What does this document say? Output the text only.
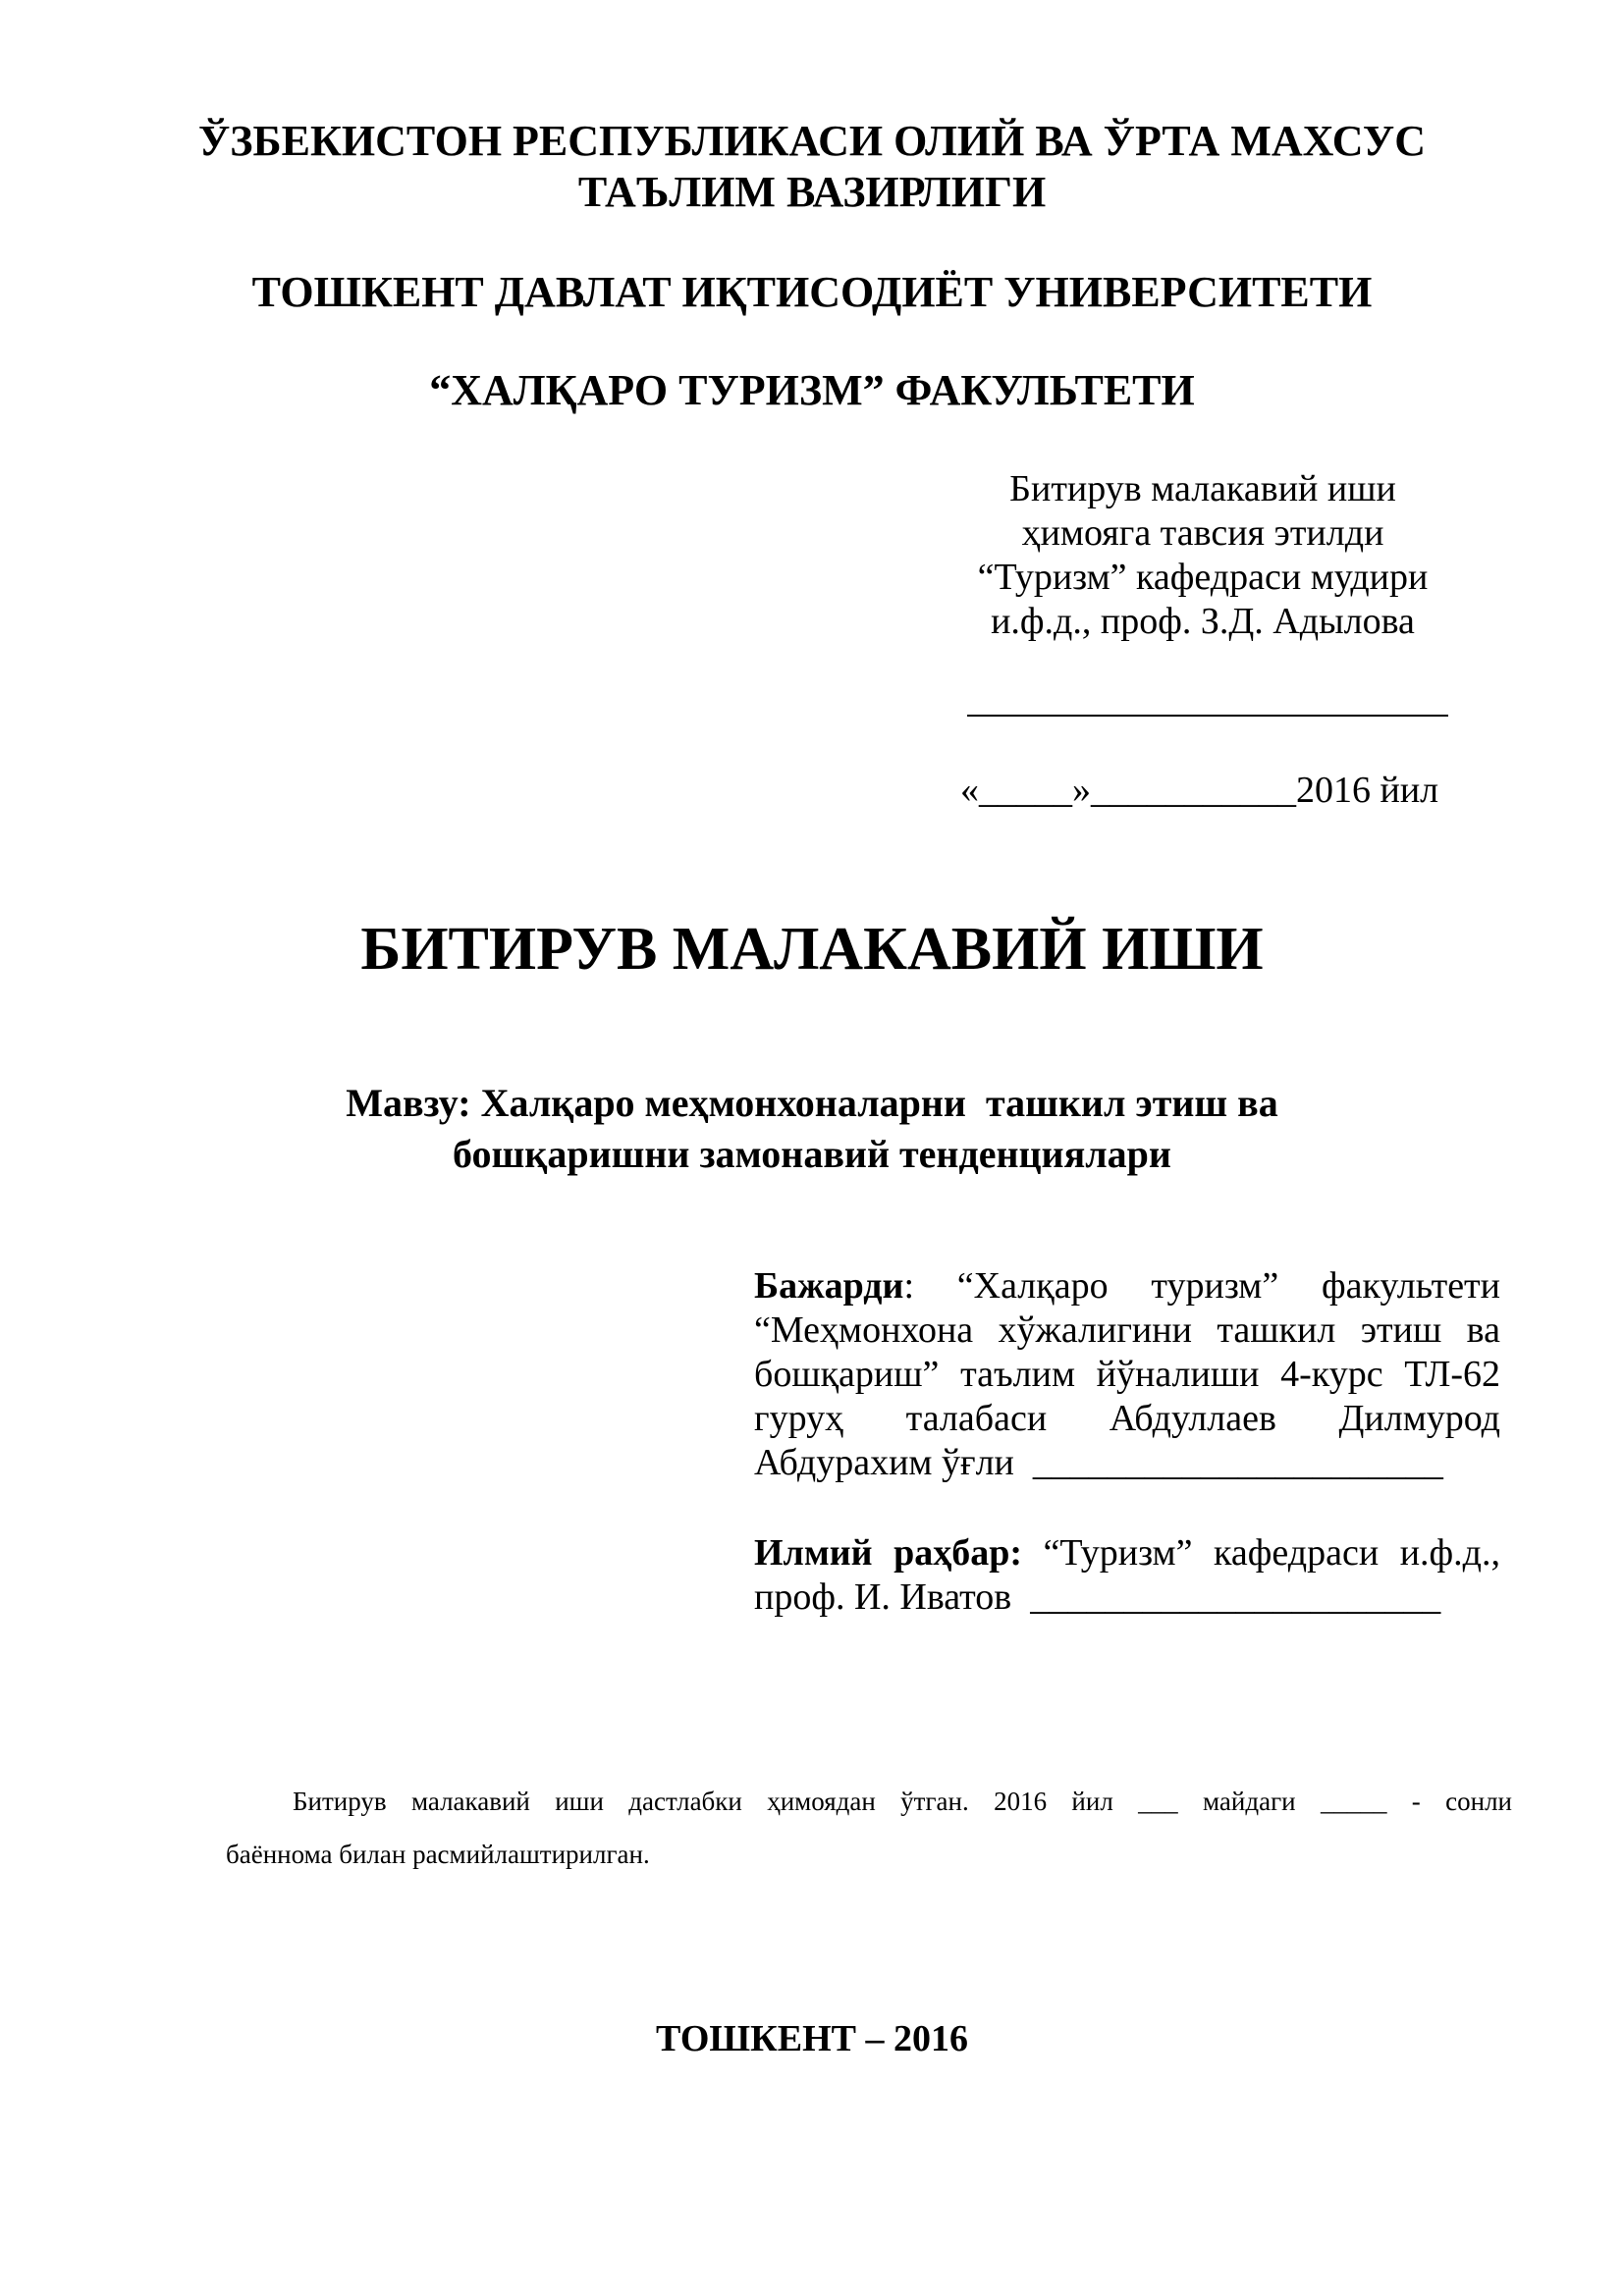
ЎЗБЕКИСТОН РЕСПУБЛИКАСИ ОЛИЙ ВА ЎРТА МАХСУС
ТАЪЛИМ ВАЗИРЛИГИ
ТОШКЕНТ ДАВЛАТ ИҚТИСОДИЁТ УНИВЕРСИТЕТИ
“ХАЛҚАРО ТУРИЗМ” ФАКУЛЬТЕТИ
Битирув малакавий иши
ҳимояга тавсия этилди
“Туризм” кафедраси мудири
и.ф.д., проф. З.Д. Адылова
«_____»___________2016 йил
БИТИРУВ МАЛАКАВИЙ ИШИ
Мавзу: Халқаро меҳмонхоналарни  ташкил этиш ва
бошқаришни замонавий тенденциялари
Бажарди: “Халқаро туризм” факультети
“Меҳмонхона хўжалигини ташкил этиш ва
бошқариш” таълим йўналиши 4-курс ТЛ-62
гуруҳ талабаси Абдуллаев Дилмурод
Абдурахим ўғли  ______________________
Илмий раҳбар: “Туризм” кафедраси и.ф.д.,
проф. И. Иватов  ______________________
Битирув малакавий иши дастлабки ҳимоядан ўтган. 2016 йил ___ майдаги _____ - сонли
баённома билан расмийлаштирилган.
ТОШКЕНТ – 2016
